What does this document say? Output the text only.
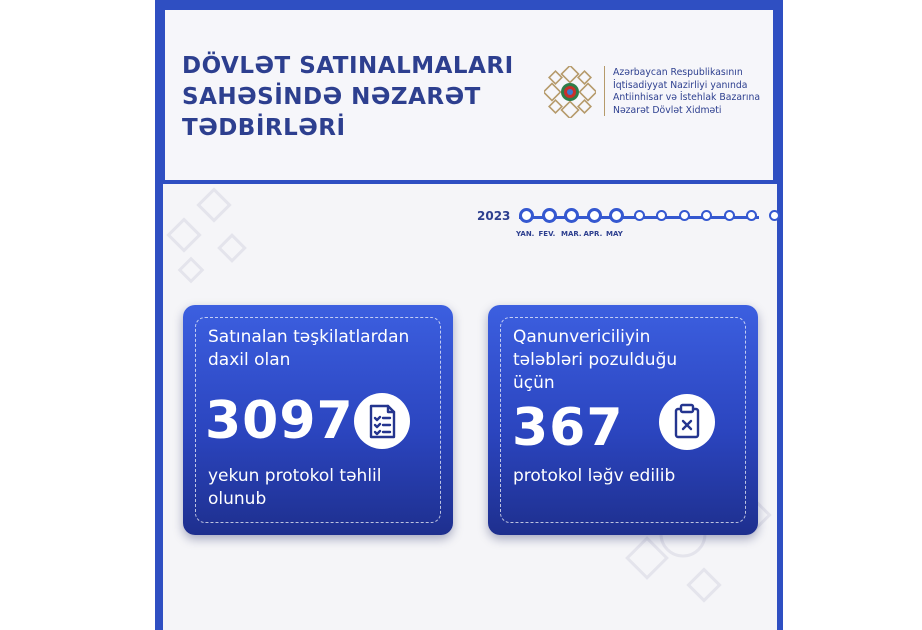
DÖVLƏT SATINALMALARI
SAHƏSİNDƏ NƏZARƏT
TƏDBİRLƏRİ
Azərbaycan Respublikasının
İqtisadiyyat Nazirliyi yanında
Antiinhisar və İstehlak Bazarına
Nəzarət Dövlət Xidməti
2023
YAN. FEV. MAR. APR. MAY
Satınalan təşkilatlardan
daxil olan
3097
yekun protokol təhlil
olunub
Qanunvericiliyin
tələbləri pozulduğu
üçün
367
protokol ləğv edilib
